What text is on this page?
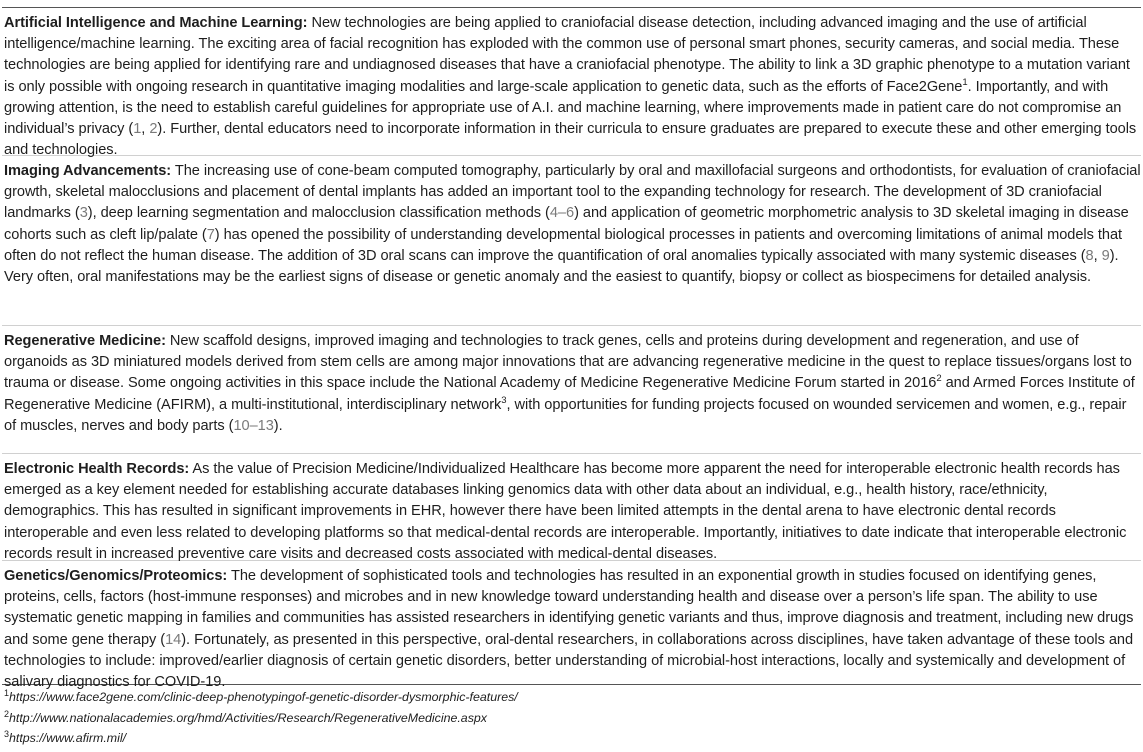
Artificial Intelligence and Machine Learning: New technologies are being applied to craniofacial disease detection, including advanced imaging and the use of artificial intelligence/machine learning. The exciting area of facial recognition has exploded with the common use of personal smart phones, security cameras, and social media. These technologies are being applied for identifying rare and undiagnosed diseases that have a craniofacial phenotype. The ability to link a 3D graphic phenotype to a mutation variant is only possible with ongoing research in quantitative imaging modalities and large-scale application to genetic data, such as the efforts of Face2Gene$^1$. Importantly, and with growing attention, is the need to establish careful guidelines for appropriate use of A.I. and machine learning, where improvements made in patient care do not compromise an individual’s privacy (1, 2). Further, dental educators need to incorporate information in their curricula to ensure graduates are prepared to execute these and other emerging tools and technologies.
Imaging Advancements: The increasing use of cone-beam computed tomography, particularly by oral and maxillofacial surgeons and orthodontists, for evaluation of craniofacial growth, skeletal malocclusions and placement of dental implants has added an important tool to the expanding technology for research. The development of 3D craniofacial landmarks (3), deep learning segmentation and malocclusion classification methods (4–6) and application of geometric morphometric analysis to 3D skeletal imaging in disease cohorts such as cleft lip/palate (7) has opened the possibility of understanding developmental biological processes in patients and overcoming limitations of animal models that often do not reflect the human disease. The addition of 3D oral scans can improve the quantification of oral anomalies typically associated with many systemic diseases (8, 9). Very often, oral manifestations may be the earliest signs of disease or genetic anomaly and the easiest to quantify, biopsy or collect as biospecimens for detailed analysis.
Regenerative Medicine: New scaffold designs, improved imaging and technologies to track genes, cells and proteins during development and regeneration, and use of organoids as 3D miniatured models derived from stem cells are among major innovations that are advancing regenerative medicine in the quest to replace tissues/organs lost to trauma or disease. Some ongoing activities in this space include the National Academy of Medicine Regenerative Medicine Forum started in 2016$^2$ and Armed Forces Institute of Regenerative Medicine (AFIRM), a multi-institutional, interdisciplinary network$^3$, with opportunities for funding projects focused on wounded servicemen and women, e.g., repair of muscles, nerves and body parts (10–13).
Electronic Health Records: As the value of Precision Medicine/Individualized Healthcare has become more apparent the need for interoperable electronic health records has emerged as a key element needed for establishing accurate databases linking genomics data with other data about an individual, e.g., health history, race/ethnicity, demographics. This has resulted in significant improvements in EHR, however there have been limited attempts in the dental arena to have electronic dental records interoperable and even less related to developing platforms so that medical-dental records are interoperable. Importantly, initiatives to date indicate that interoperable electronic records result in increased preventive care visits and decreased costs associated with medical-dental diseases.
Genetics/Genomics/Proteomics: The development of sophisticated tools and technologies has resulted in an exponential growth in studies focused on identifying genes, proteins, cells, factors (host-immune responses) and microbes and in new knowledge toward understanding health and disease over a person’s life span. The ability to use systematic genetic mapping in families and communities has assisted researchers in identifying genetic variants and thus, improve diagnosis and treatment, including new drugs and some gene therapy (14). Fortunately, as presented in this perspective, oral-dental researchers, in collaborations across disciplines, have taken advantage of these tools and technologies to include: improved/earlier diagnosis of certain genetic disorders, better understanding of microbial-host interactions, locally and systemically and development of salivary diagnostics for COVID-19.
$^1$https://www.face2gene.com/clinic-deep-phenotypingof-genetic-disorder-dysmorphic-features/
$^2$http://www.nationalacademies.org/hmd/Activities/Research/RegenerativeMedicine.aspx
$^3$https://www.afirm.mil/
